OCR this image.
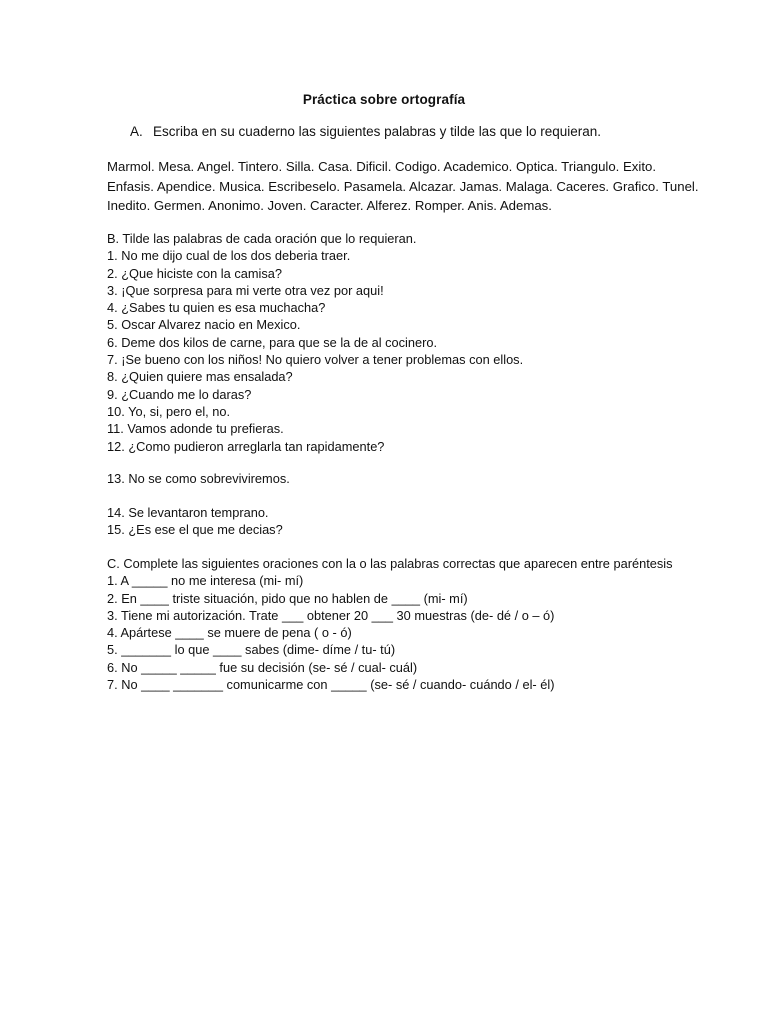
Práctica sobre ortografía
A. Escriba en su cuaderno las siguientes palabras y tilde las que lo requieran.
Marmol. Mesa. Angel. Tintero. Silla. Casa. Dificil. Codigo. Academico. Optica. Triangulo. Exito.
Enfasis. Apendice. Musica. Escribeselo. Pasamela. Alcazar. Jamas. Malaga. Caceres. Grafico. Tunel.
Inedito. Germen. Anonimo. Joven. Caracter. Alferez. Romper. Anis. Ademas.
B. Tilde las palabras de cada oración que lo requieran.
1. No me dijo cual de los dos deberia traer.
2. ¿Que hiciste con la camisa?
3. ¡Que sorpresa para mi verte otra vez por aqui!
4. ¿Sabes tu quien es esa muchacha?
5. Oscar Alvarez nacio en Mexico.
6. Deme dos kilos de carne, para que se la de al cocinero.
7. ¡Se bueno con los niños! No quiero volver a tener problemas con ellos.
8. ¿Quien quiere mas ensalada?
9. ¿Cuando me lo daras?
10. Yo, si, pero el, no.
11. Vamos adonde tu prefieras.
12. ¿Como pudieron arreglarla tan rapidamente?
13. No se como sobreviviremos.
14. Se levantaron temprano.
15. ¿Es ese el que me decias?
C. Complete las siguientes oraciones con la o las palabras correctas que aparecen entre paréntesis
1. A _____ no me interesa (mi- mí)
2. En ____ triste situación, pido que no hablen de ____ (mi- mí)
3. Tiene mi autorización. Trate ___ obtener 20 ___ 30 muestras (de- dé / o – ó)
4. Apártese ____ se muere de pena ( o - ó)
5. _______ lo que ____ sabes (dime- díme / tu- tú)
6. No _____ _____ fue su decisión (se- sé / cual- cuál)
7. No ____ _______ comunicarme con _____ (se- sé / cuando- cuándo / el- él)
